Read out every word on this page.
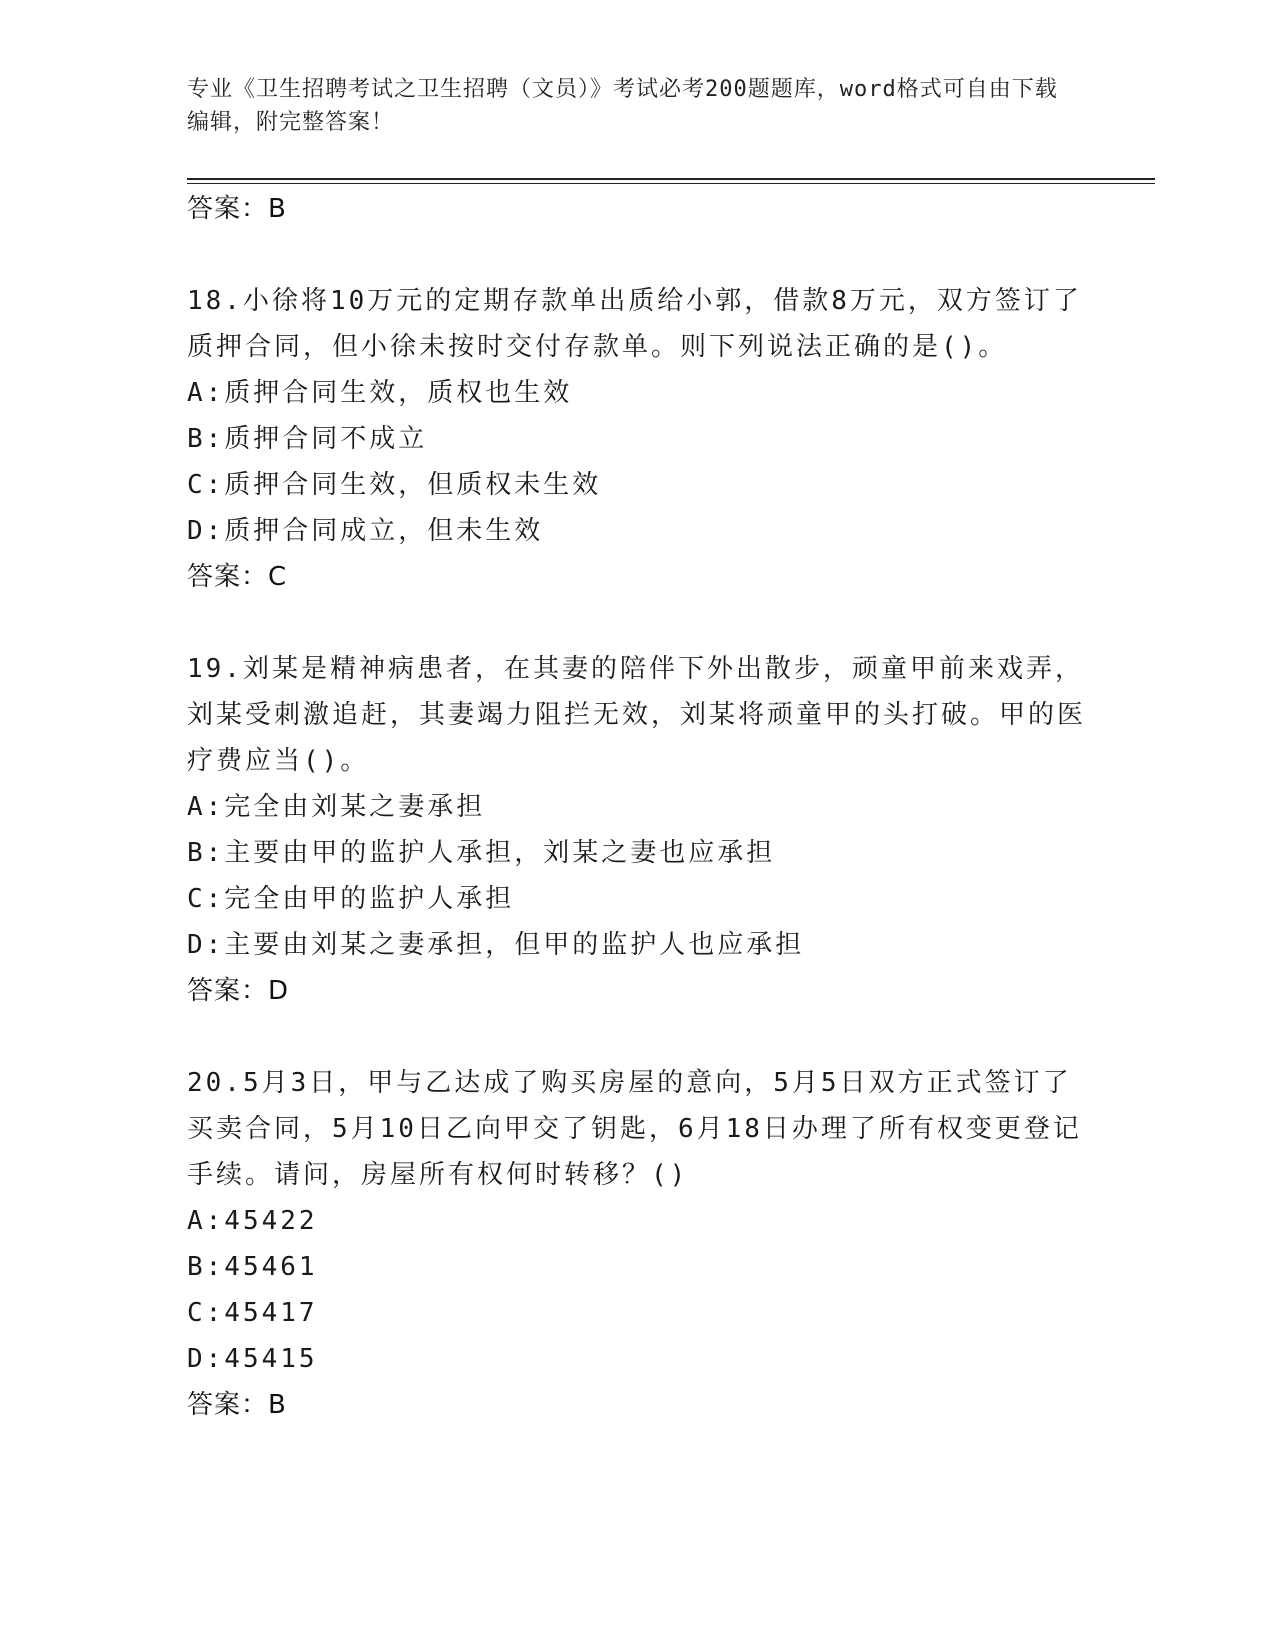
专业《卫生招聘考试之卫生招聘（文员）》考试必考200题题库，word格式可自由下载编辑，附完整答案！

答案：B

18.小徐将10万元的定期存款单出质给小郭，借款8万元，双方签订了质押合同，但小徐未按时交付存款单。则下列说法正确的是()。

A:质押合同生效，质权也生效

B:质押合同不成立

C:质押合同生效，但质权未生效

D:质押合同成立，但未生效

答案：C

19.刘某是精神病患者，在其妻的陪伴下外出散步，顽童甲前来戏弄，刘某受刺激追赶，其妻竭力阻拦无效，刘某将顽童甲的头打破。甲的医疗费应当()。

A:完全由刘某之妻承担

B:主要由甲的监护人承担，刘某之妻也应承担

C:完全由甲的监护人承担

D:主要由刘某之妻承担，但甲的监护人也应承担

答案：D

20.5月3日，甲与乙达成了购买房屋的意向，5月5日双方正式签订了买卖合同，5月10日乙向甲交了钥匙，6月18日办理了所有权变更登记手续。请问，房屋所有权何时转移？()

A:45422

B:45461

C:45417

D:45415

答案：B
